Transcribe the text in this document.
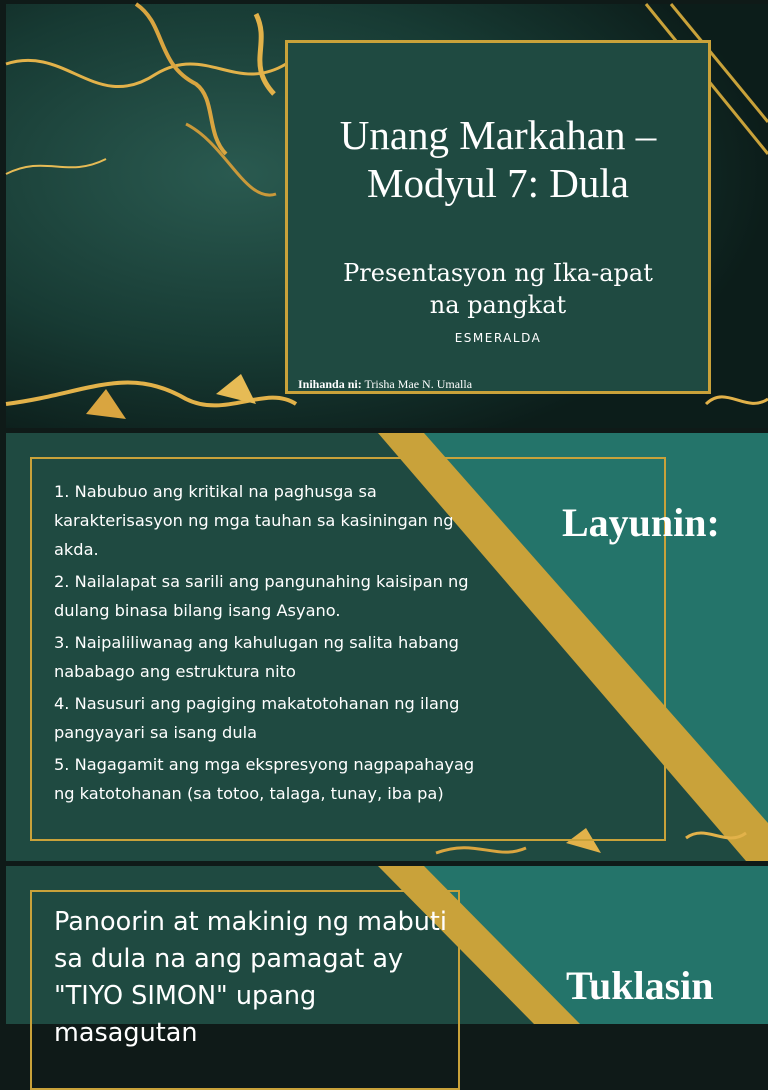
Unang Markahan –
Modyul 7: Dula
Presentasyon ng Ika-apat
na pangkat
ESMERALDA
Inihanda ni: Trisha Mae N. Umalla
1. Nabubuo ang kritikal na paghusga sa karakterisasyon ng mga tauhan sa kasiningan ng akda.
2. Nailalapat sa sarili ang pangunahing kaisipan ng dulang binasa bilang isang Asyano.
3. Naipaliliwanag ang kahulugan ng salita habang nababago ang estruktura nito
4. Nasusuri ang pagiging makatotohanan ng ilang pangyayari sa isang dula
5. Nagagamit ang mga ekspresyong nagpapahayag ng katotohanan (sa totoo, talaga, tunay, iba pa)
Layunin:
Panoorin at makinig ng mabuti sa dula na ang pamagat ay "TIYO SIMON" upang masagutan
Tuklasin
